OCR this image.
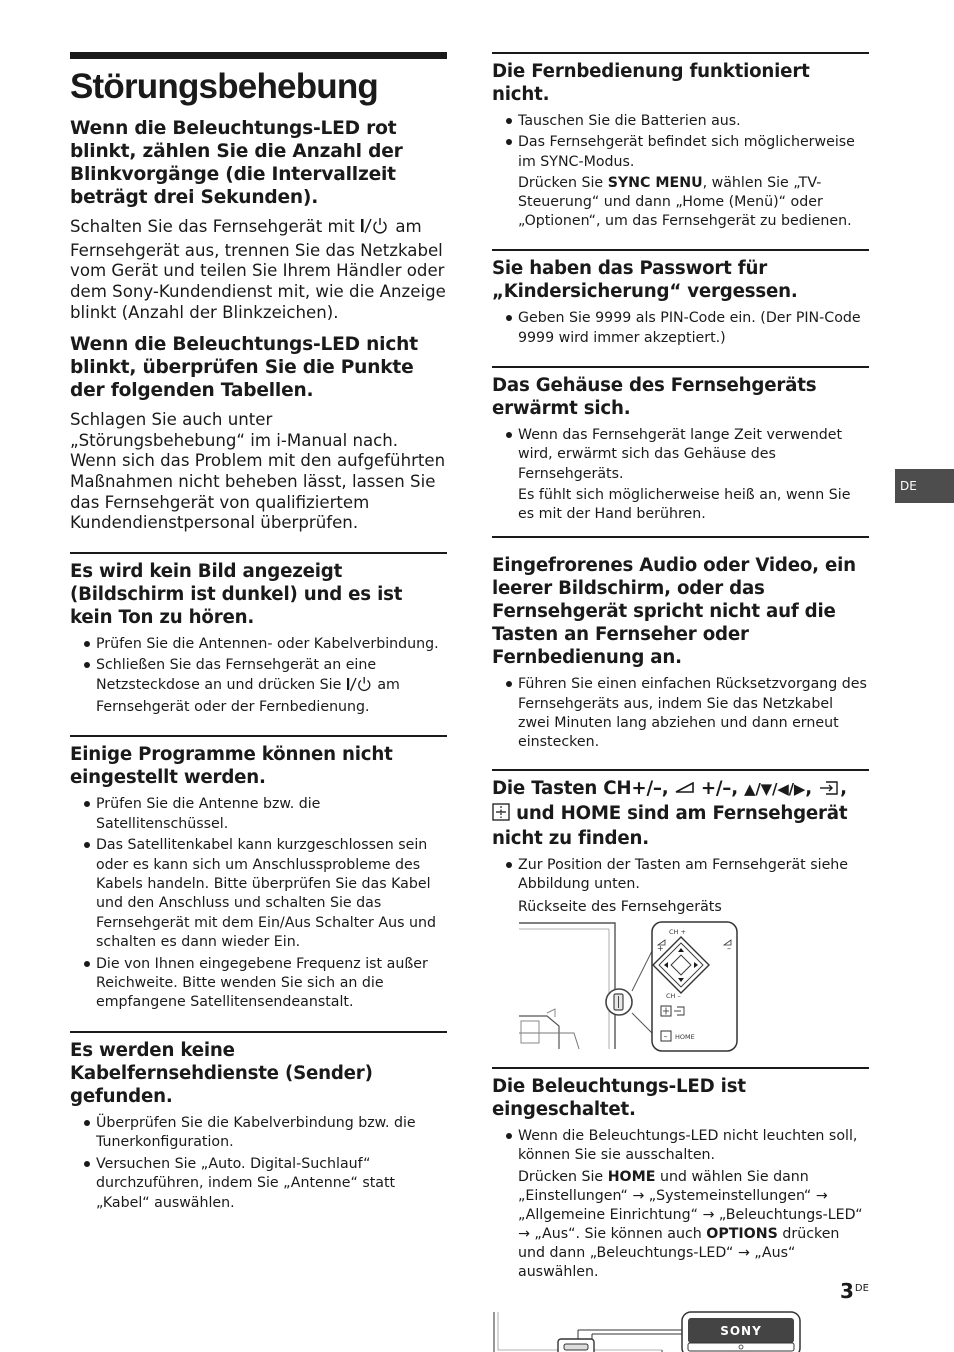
Störungsbehebung
Wenn die Beleuchtungs-LED rot blinkt, zählen Sie die Anzahl der Blinkvorgänge (die Intervallzeit beträgt drei Sekunden).

Schalten Sie das Fernsehgerät mit am Fernsehgerät aus, trennen Sie das Netzkabel vom Gerät und teilen Sie Ihrem Händler oder dem Sony-Kundendienst mit, wie die Anzeige blinkt (Anzahl der Blinkzeichen).

Wenn die Beleuchtungs-LED nicht blinkt, überprüfen Sie die Punkte der folgenden Tabellen.

Schlagen Sie auch unter „Störungsbehebung“ im i-Manual nach. Wenn sich das Problem mit den aufgeführten Maßnahmen nicht beheben lässt, lassen Sie das Fernsehgerät von qualifiziertem Kundendienstpersonal überprüfen.

Es wird kein Bild angezeigt (Bildschirm ist dunkel) und es ist kein Ton zu hören.
Prüfen Sie die Antennen- oder Kabelverbindung.
Schließen Sie das Fernsehgerät an eine Netzsteckdose an und drücken Sie	am Fernsehgerät oder der Fernbedienung.
Einige Programme können nicht eingestellt werden.
Prüfen Sie die Antenne bzw. die Satellitenschüssel.
Das Satellitenkabel kann kurzgeschlossen sein oder es kann sich um Anschlussprobleme des Kabels handeln. Bitte überprüfen Sie das Kabel und den Anschluss und schalten Sie das Fernsehgerät mit dem Ein/Aus Schalter Aus und schalten es dann wieder Ein.
Die von Ihnen eingegebene Frequenz ist außer Reichweite. Bitte wenden Sie sich an die empfangene Satellitensendeanstalt.
Es werden keine Kabelfernsehdienste (Sender) gefunden.
Überprüfen Sie die Kabelverbindung bzw. die Tunerkonfiguration.
Versuchen Sie „Auto. Digital-Suchlauf“ durchzuführen, indem Sie „Antenne“ statt „Kabel“ auswählen.
Die Fernbedienung funktioniert nicht.
Tauschen Sie die Batterien aus.
Das Fernsehgerät befindet sich möglicherweise im SYNC-Modus.

Drücken Sie SYNC MENU, wählen Sie „TV-Steuerung“ und dann „Home (Menü)“ oder „Optionen“, um das Fernsehgerät zu bedienen.

Sie haben das Passwort für „Kindersicherung“ vergessen.
Geben Sie 9999 als PIN-Code ein. (Der PIN-Code 9999 wird immer akzeptiert.)
Das Gehäuse des Fernsehgeräts erwärmt sich.
Wenn das Fernsehgerät lange Zeit verwendet wird, erwärmt sich das Gehäuse des Fernsehgeräts.

Es fühlt sich möglicherweise heiß an, wenn Sie es mit der Hand berühren.

Eingefrorenes Audio oder Video, ein leerer Bildschirm, oder das Fernsehgerät spricht nicht auf die Tasten an Fernseher oder Fernbedienung an.
Führen Sie einen einfachen Rücksetzvorgang des Fernsehgeräts aus, indem Sie das Netzkabel zwei Minuten lang abziehen und dann erneut einstecken.
Die Tasten CH+/–, +/–, ▲/▼/◀/▶, ,
und HOME sind am Fernsehgerät nicht zu finden.
Zur Position der Tasten am Fernsehgerät siehe Abbildung unten.

Rückseite des Fernsehgeräts

CH +
CH –
+	–
– HOME
Die Beleuchtungs-LED ist eingeschaltet.
Wenn die Beleuchtungs-LED nicht leuchten soll, können Sie sie ausschalten.

Drücken Sie HOME und wählen Sie dann „Einstellungen“ → „Systemeinstellungen“ → „Allgemeine Einrichtung“ → „Beleuchtungs-LED“ → „Aus“. Sie können auch OPTIONS drücken und dann „Beleuchtungs-LED“ → „Aus“ auswählen.

SONY
DE
3DE
